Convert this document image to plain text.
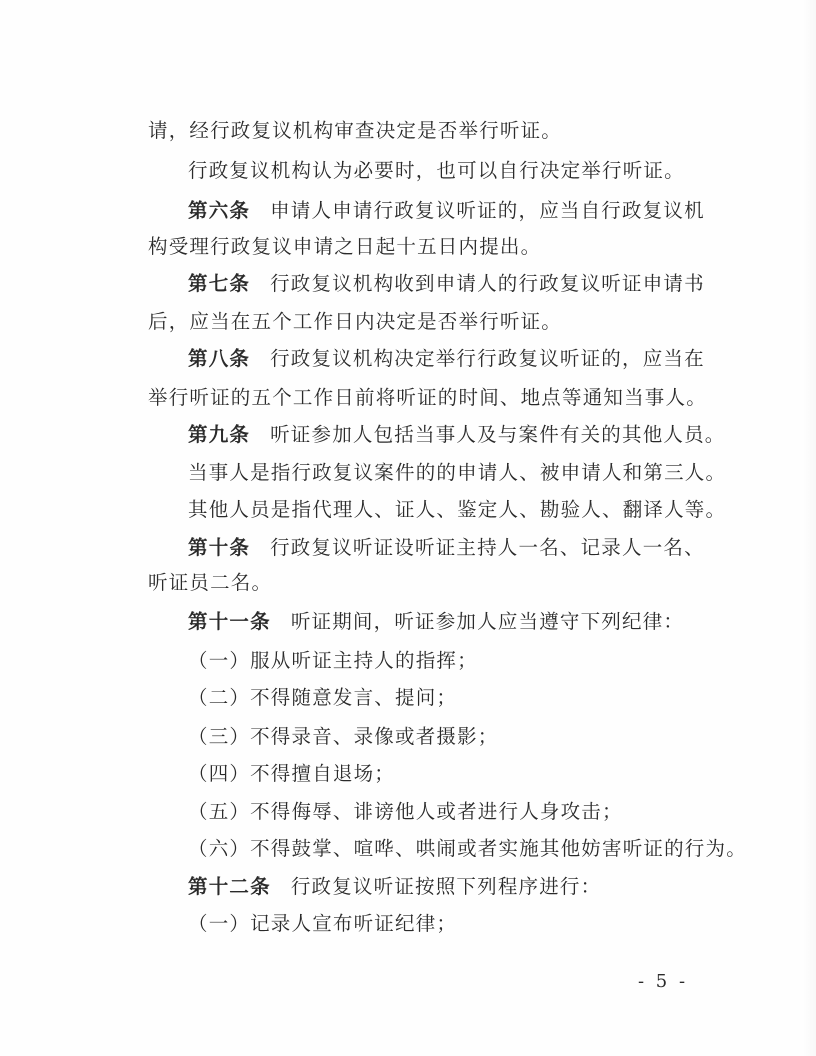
请，经行政复议机构审查决定是否举行听证。
行政复议机构认为必要时，也可以自行决定举行听证。
第六条 申请人申请行政复议听证的，应当自行政复议机
构受理行政复议申请之日起十五日内提出。
第七条 行政复议机构收到申请人的行政复议听证申请书
后，应当在五个工作日内决定是否举行听证。
第八条 行政复议机构决定举行行政复议听证的，应当在
举行听证的五个工作日前将听证的时间、地点等通知当事人。
第九条 听证参加人包括当事人及与案件有关的其他人员。
当事人是指行政复议案件的的申请人、被申请人和第三人。
其他人员是指代理人、证人、鉴定人、勘验人、翻译人等。
第十条 行政复议听证设听证主持人一名、记录人一名、
听证员二名。
第十一条 听证期间，听证参加人应当遵守下列纪律：
（一）服从听证主持人的指挥；
（二）不得随意发言、提问；
（三）不得录音、录像或者摄影；
（四）不得擅自退场；
（五）不得侮辱、诽谤他人或者进行人身攻击；
（六）不得鼓掌、喧哗、哄闹或者实施其他妨害听证的行为。
第十二条 行政复议听证按照下列程序进行：
（一）记录人宣布听证纪律；
- 5 -
